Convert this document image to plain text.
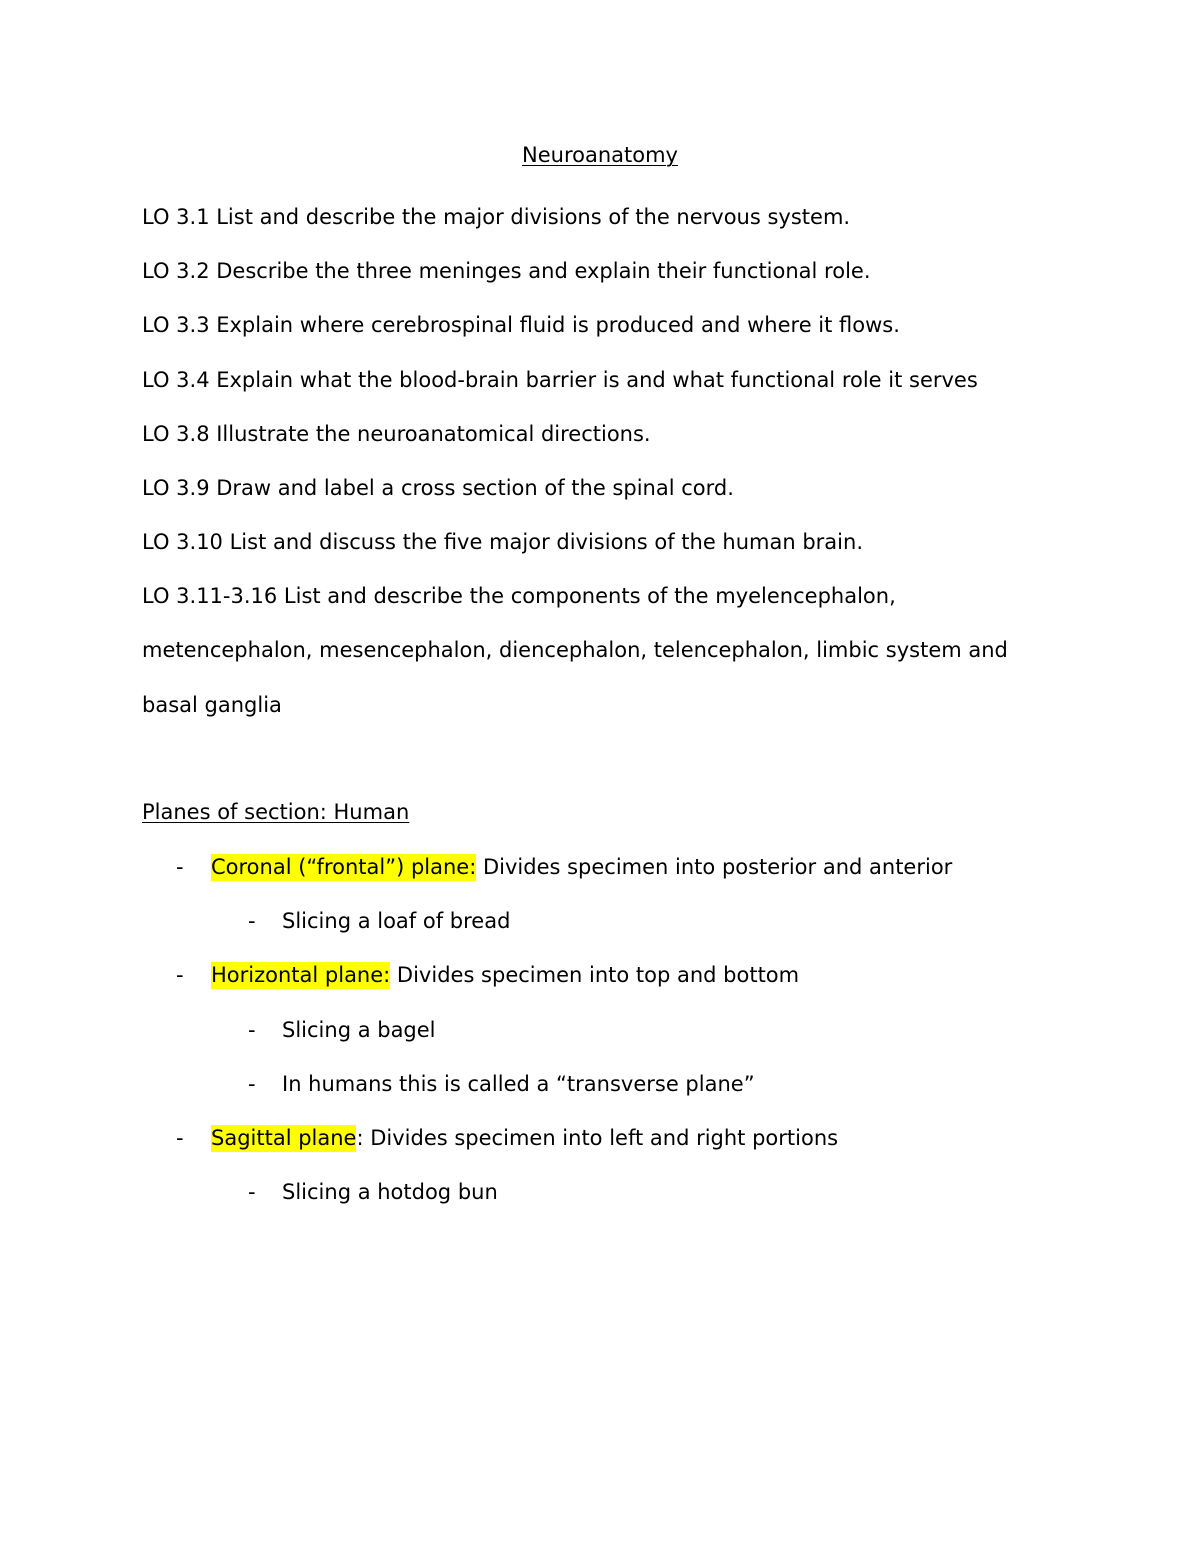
Neuroanatomy
LO 3.1 List and describe the major divisions of the nervous system.
LO 3.2 Describe the three meninges and explain their functional role.
LO 3.3 Explain where cerebrospinal fluid is produced and where it flows.
LO 3.4 Explain what the blood-brain barrier is and what functional role it serves
LO 3.8 Illustrate the neuroanatomical directions.
LO 3.9 Draw and label a cross section of the spinal cord.
LO 3.10 List and discuss the five major divisions of the human brain.
LO 3.11-3.16 List and describe the components of the myelencephalon,
metencephalon, mesencephalon, diencephalon, telencephalon, limbic system and
basal ganglia
Planes of section: Human
- Coronal (“frontal”) plane: Divides specimen into posterior and anterior
- Slicing a loaf of bread
- Horizontal plane: Divides specimen into top and bottom
- Slicing a bagel
- In humans this is called a “transverse plane”
- Sagittal plane: Divides specimen into left and right portions
- Slicing a hotdog bun
